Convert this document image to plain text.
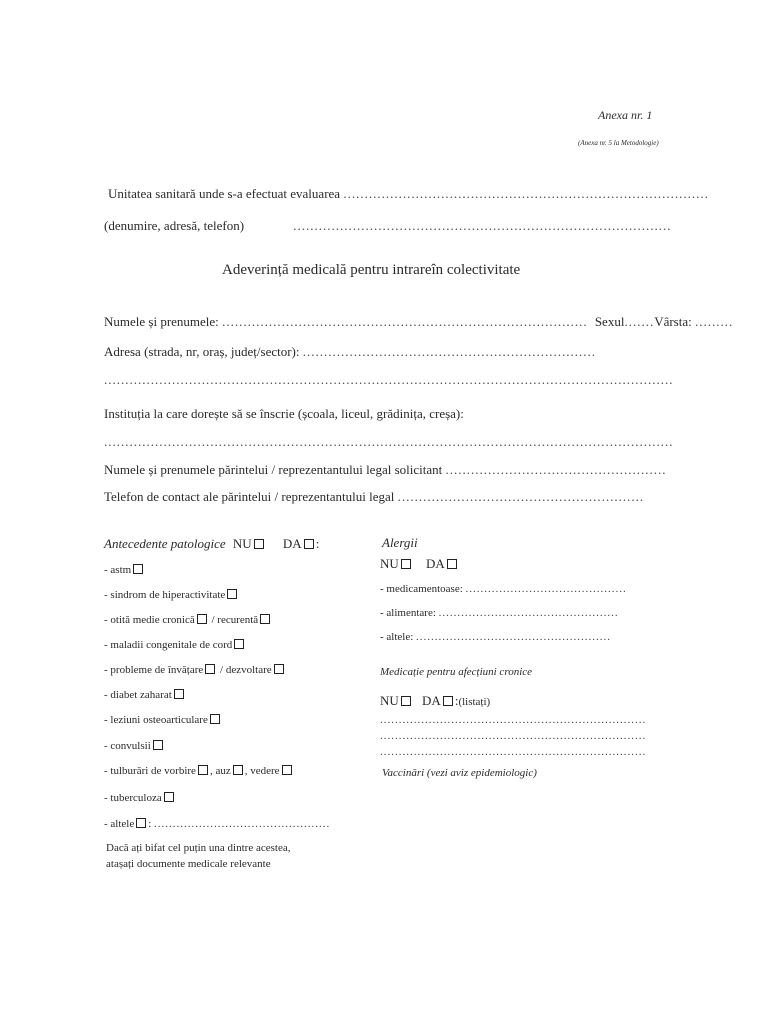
Anexa nr. 1
(Anexa nr. 5 la Metodologie)
Unitatea sanitară unde s-a efectuat evaluarea ......................................................................................
(denumire, adresă, telefon)	.........................................................................................
Adeverință medicală pentru intrareîn colectivitate
Numele și prenumele: ...................................................................................... Sexul.......Vârsta: .........
Adresa (strada, nr, oraș, județ/sector): .....................................................................
......................................................................................................................................
Instituția la care dorește să se înscrie (școala, liceul, grădinița, creșa):
......................................................................................................................................
Numele și prenumele părintelui / reprezentantului legal solicitant ....................................................
Telefon de contact ale părintelui / reprezentantului legal ..........................................................
Antecedente patologice NU DA :
- astm
- sindrom de hiperactivitate
- otită medie cronică / recurentă
- maladii congenitale de cord
- probleme de învățare / dezvoltare
- diabet zaharat
- leziuni osteoarticulare
- convulsii
- tulburări de vorbire , auz , vedere
- tuberculoza
- altele : ...............................................
Dacă ați bifat cel puțin una dintre acestea,
atașați documente medicale relevante
Alergii
NU DA
- medicamentoase: ...........................................
- alimentare: ................................................
- altele: ....................................................
Medicație pentru afecțiuni cronice
NU DA :(listați)
.......................................................................
.......................................................................
.......................................................................
Vaccinări (vezi aviz epidemiologic)
